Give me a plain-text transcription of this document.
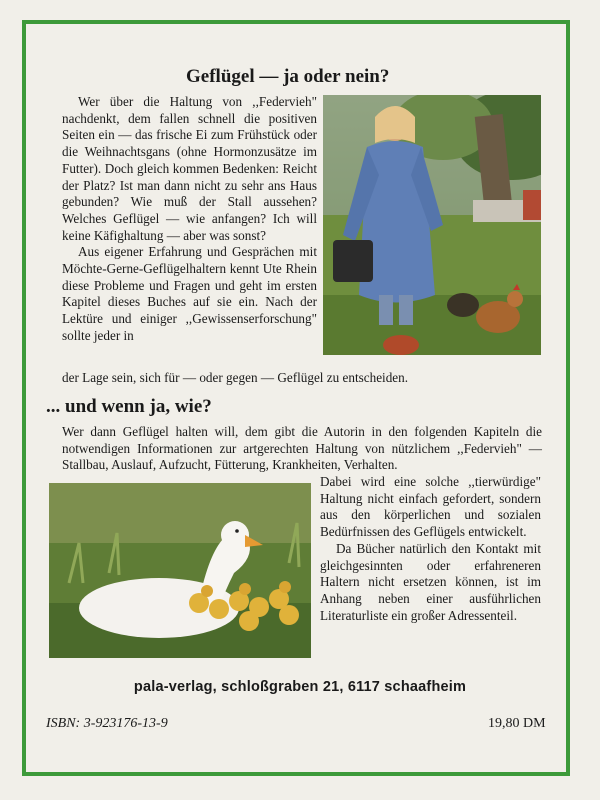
Geflügel — ja oder nein?

Wer über die Haltung von ,,Federvieh" nachdenkt, dem fallen schnell die positiven Seiten ein — das frische Ei zum Frühstück oder die Weihnachtsgans (ohne Hormonzusätze im Futter). Doch gleich kommen Bedenken: Reicht der Platz? Ist man dann nicht zu sehr ans Haus gebunden? Wie muß der Stall aussehen? Welches Geflügel — wie anfangen? Ich will keine Käfighaltung — aber was sonst?

Aus eigener Erfahrung und Gesprächen mit Möchte-Gerne-Geflügelhaltern kennt Ute Rhein diese Probleme und Fragen und geht im ersten Kapitel dieses Buches auf sie ein. Nach der Lektüre und einiger ,,Gewissenserforschung" sollte jeder in

der Lage sein, sich für — oder gegen — Geflügel zu entscheiden.
... und wenn ja, wie?
Wer dann Geflügel halten will, dem gibt die Autorin in den folgenden Kapiteln die notwendigen Informationen zur artgerechten Haltung von nützlichem ,,Federvieh" — Stallbau, Auslauf, Aufzucht, Fütterung, Krankheiten, Verhalten.

Dabei wird eine solche ,,tierwürdige" Haltung nicht einfach gefordert, sondern aus den körperlichen und sozialen Bedürfnissen des Geflügels entwickelt.

Da Bücher natürlich den Kontakt mit gleichgesinnten oder erfahreneren Haltern nicht ersetzen können, ist im Anhang neben einer ausführlichen Literaturliste ein großer Adressenteil.

pala-verlag, schloßgraben 21, 6117 schaafheim
ISBN: 3-923176-13-9	19,80 DM
